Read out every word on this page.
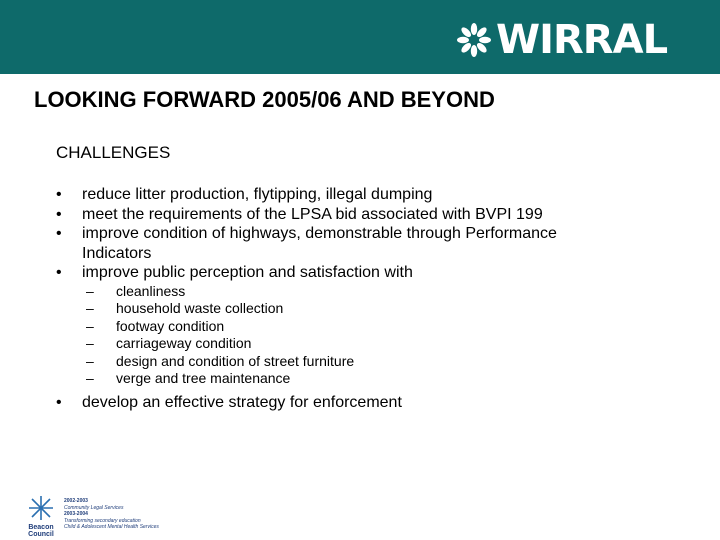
WIRRAL
LOOKING FORWARD 2005/06 AND BEYOND
CHALLENGES
• reduce litter production, flytipping, illegal dumping
• meet the requirements of the LPSA bid associated with BVPI 199
• improve condition of highways, demonstrable through Performance Indicators
• improve public perception and satisfaction with
– cleanliness
– household waste collection
– footway condition
– carriageway condition
– design and condition of street furniture
– verge and tree maintenance
• develop an effective strategy for enforcement
Beacon
Council
2002-2003
Community Legal Services
2003-2004
Transforming secondary education
Child & Adolescent Mental Health Services
